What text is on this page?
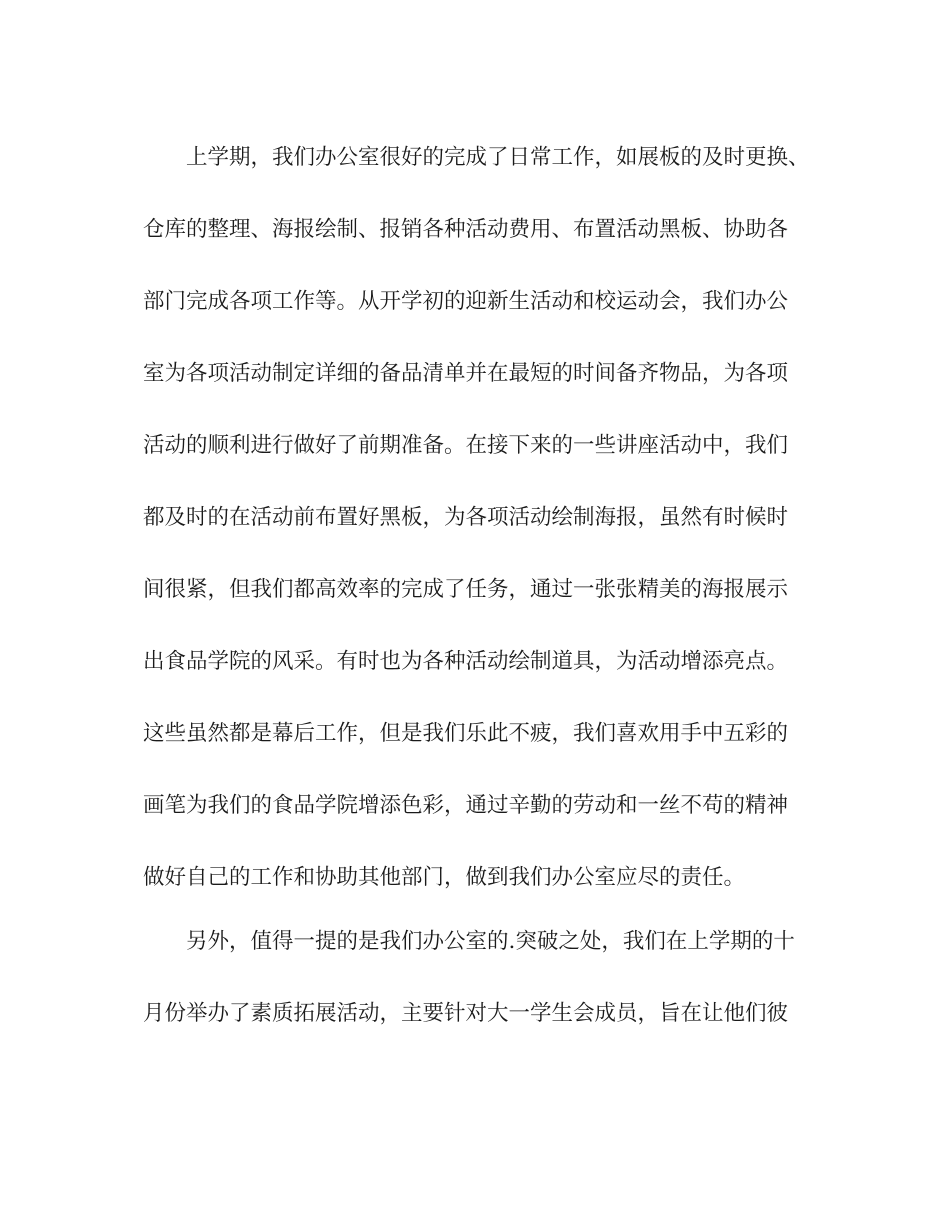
上学期，我们办公室很好的完成了日常工作，如展板的及时更换、
仓库的整理、海报绘制、报销各种活动费用、布置活动黑板、协助各
部门完成各项工作等。从开学初的迎新生活动和校运动会，我们办公
室为各项活动制定详细的备品清单并在最短的时间备齐物品，为各项
活动的顺利进行做好了前期准备。在接下来的一些讲座活动中，我们
都及时的在活动前布置好黑板，为各项活动绘制海报，虽然有时候时
间很紧，但我们都高效率的完成了任务，通过一张张精美的海报展示
出食品学院的风采。有时也为各种活动绘制道具，为活动增添亮点。
这些虽然都是幕后工作，但是我们乐此不疲，我们喜欢用手中五彩的
画笔为我们的食品学院增添色彩，通过辛勤的劳动和一丝不苟的精神
做好自己的工作和协助其他部门，做到我们办公室应尽的责任。
另外，值得一提的是我们办公室的.突破之处，我们在上学期的十
月份举办了素质拓展活动，主要针对大一学生会成员，旨在让他们彼
